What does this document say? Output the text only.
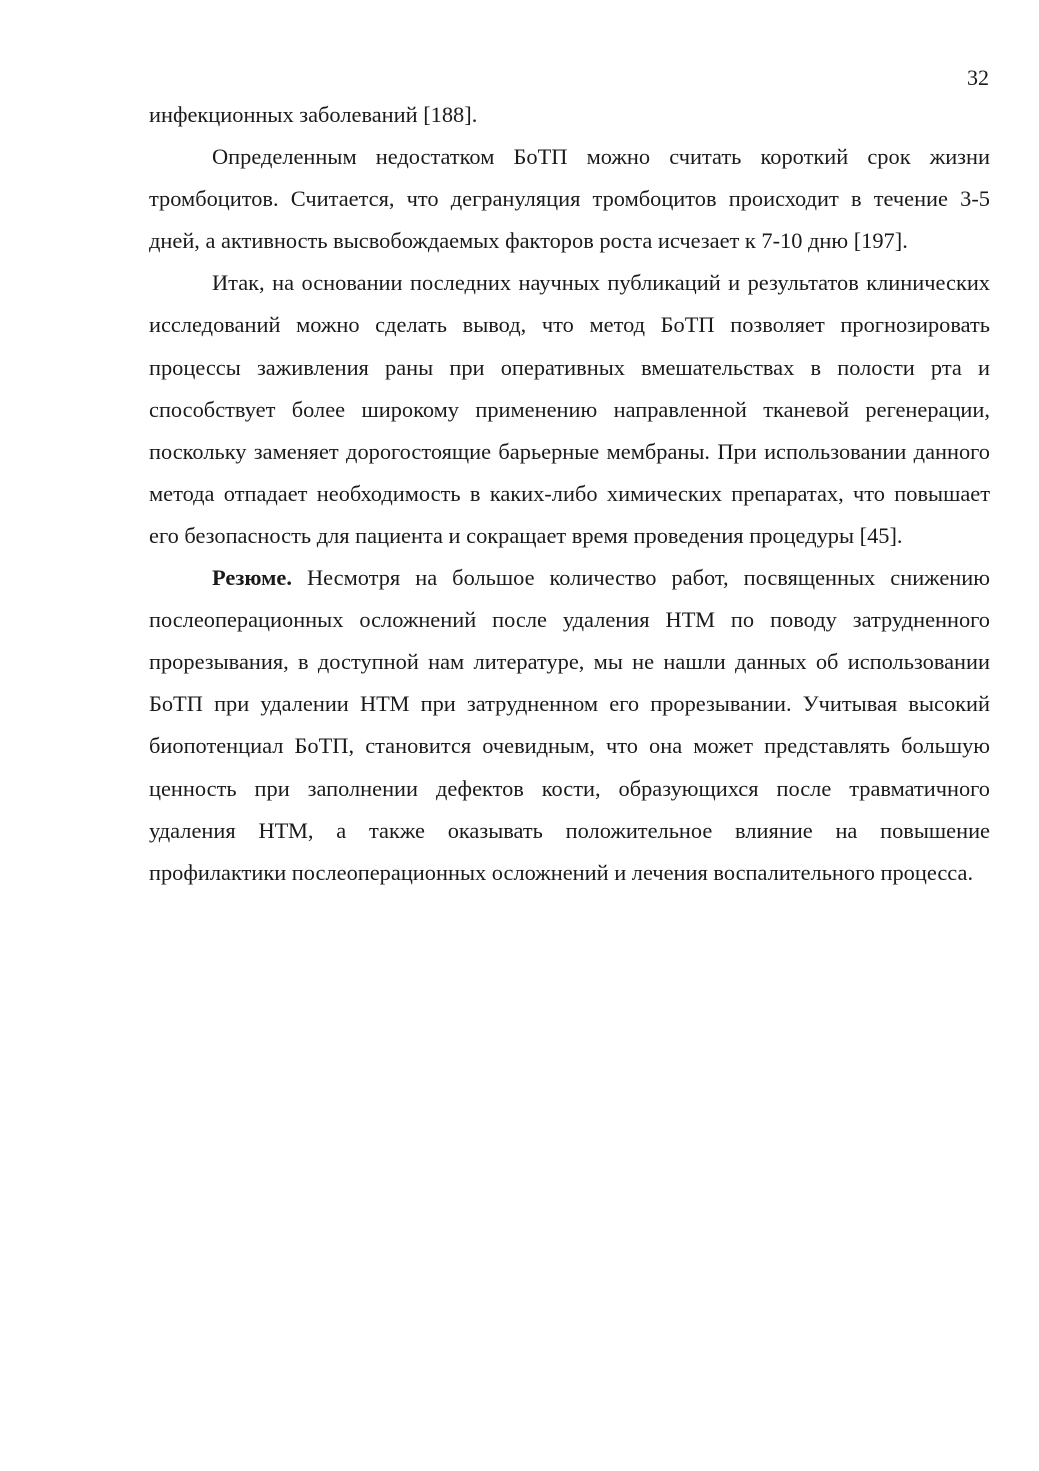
32

инфекционных заболеваний [188].

Определенным недостатком БоТП можно считать короткий срок жизни тромбоцитов. Считается, что дегрануляция тромбоцитов происходит в течение 3-5 дней, а активность высвобождаемых факторов роста исчезает к 7-10 дню [197].

Итак, на основании последних научных публикаций и результатов клинических исследований можно сделать вывод, что метод БоТП позволяет прогнозировать процессы заживления раны при оперативных вмешательствах в полости рта и способствует более широкому применению направленной тканевой регенерации, поскольку заменяет дорогостоящие барьерные мембраны. При использовании данного метода отпадает необходимость в каких-либо химических препаратах, что повышает его безопасность для пациента и сокращает время проведения процедуры [45].

Резюме. Несмотря на большое количество работ, посвященных снижению послеоперационных осложнений после удаления НТМ по поводу затрудненного прорезывания, в доступной нам литературе, мы не нашли данных об использовании БоТП при удалении НТМ при затрудненном его прорезывании. Учитывая высокий биопотенциал БоТП, становится очевидным, что она может представлять большую ценность при заполнении дефектов кости, образующихся после травматичного удаления НТМ, а также оказывать положительное влияние на повышение профилактики послеоперационных осложнений и лечения воспалительного процесса.
